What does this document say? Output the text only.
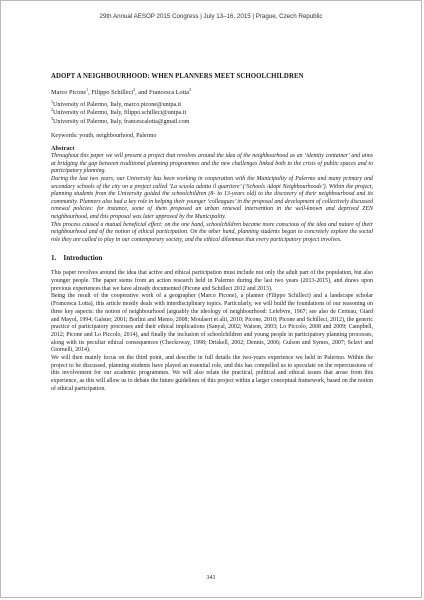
29th Annual AESOP 2015 Congress | July 13–16, 2015 | Prague, Czech Republic
ADOPT A NEIGHBOURHOOD: WHEN PLANNERS MEET SCHOOLCHILDREN
Marco Picone$^1$, Filippo Schilleci$^2$, and Francesca Lotta$^3$
$^1$University of Palermo, Italy, marco.picone@unipa.it
$^2$University of Palermo, Italy, filippo.schilleci@unipa.it
$^3$University of Palermo, Italy, francescalotta@gmail.com
Keywords: youth, neighbourhood, Palermo
Abstract

Throughout this paper we will present a project that revolves around the idea of the neighbourhood as an ‘identity container’ and aims at bridging the gap between traditional planning programmes and the new challenges linked both to the crisis of public spaces and to participatory planning.

During the last two years, our University has been working in cooperation with the Municipality of Palermo and many primary and secondary schools of the city on a project called ‘La scuola adotta il quartiere’ (‘Schools Adopt Neighbourhoods’). Within the project, planning students from the University guided the schoolchildren (8- to 13-years old) to the discovery of their neighbourhood and its community. Planners also had a key role in helping their younger ‘colleagues’ in the proposal and development of collectively discussed renewal policies: for instance, some of them proposed an urban renewal intervention in the well-known and deprived ZEN neighbourhood, and this proposal was later approved by the Municipality.

This process caused a mutual beneficial effect: on the one hand, schoolchildren became more conscious of the idea and nature of their neighbourhood and of the notion of ethical participation. On the other hand, planning students began to concretely explore the social role they are called to play in our contemporary society, and the ethical dilemmas that every participatory project involves.

1. Introduction

This paper revolves around the idea that active and ethical participation must include not only the adult part of the population, but also younger people. The paper stems from an action research held in Palermo during the last two years (2013-2015), and draws upon previous experiences that we have already documented (Picone and Schilleci 2012 and 2013).

Being the result of the cooperative work of a geographer (Marco Picone), a planner (Filippo Schilleci) and a landscape scholar (Francesca Lotta), this article mostly deals with interdisciplinary topics. Particularly, we will build the foundations of our reasoning on three key aspects: the notion of neighbourhood (arguably the ideology of neighbourhood: Lefebvre, 1967; see also de Certeau, Giard and Mayol, 1994; Galster, 2001; Borlini and Memo, 2008; Moulaert et alii, 2010; Picone, 2010; Picone and Schilleci, 2012), the generic practice of participatory processes and their ethical implications (Sanyal, 2002; Watson, 2003; Lo Piccolo, 2008 and 2009; Campbell, 2012; Picone and Lo Piccolo, 2014), and finally the inclusion of schoolchildren and young people in participatory planning processes, along with its peculiar ethical consequences (Checkoway, 1998; Driskell, 2002; Dennis, 2006; Gulson and Symes, 2007; Sclavi and Giornelli, 2014).

We will then mainly focus on the third point, and describe in full details the two-years experience we held in Palermo. Within the project to be discussed, planning students have played an essential role, and this has compelled us to speculate on the repercussions of this involvement for our academic programmes. We will also relate the practical, political and ethical issues that arose from this experience, as this will allow us to debate the future guidelines of this project within a larger conceptual framework, based on the notion of ethical participation.

341
